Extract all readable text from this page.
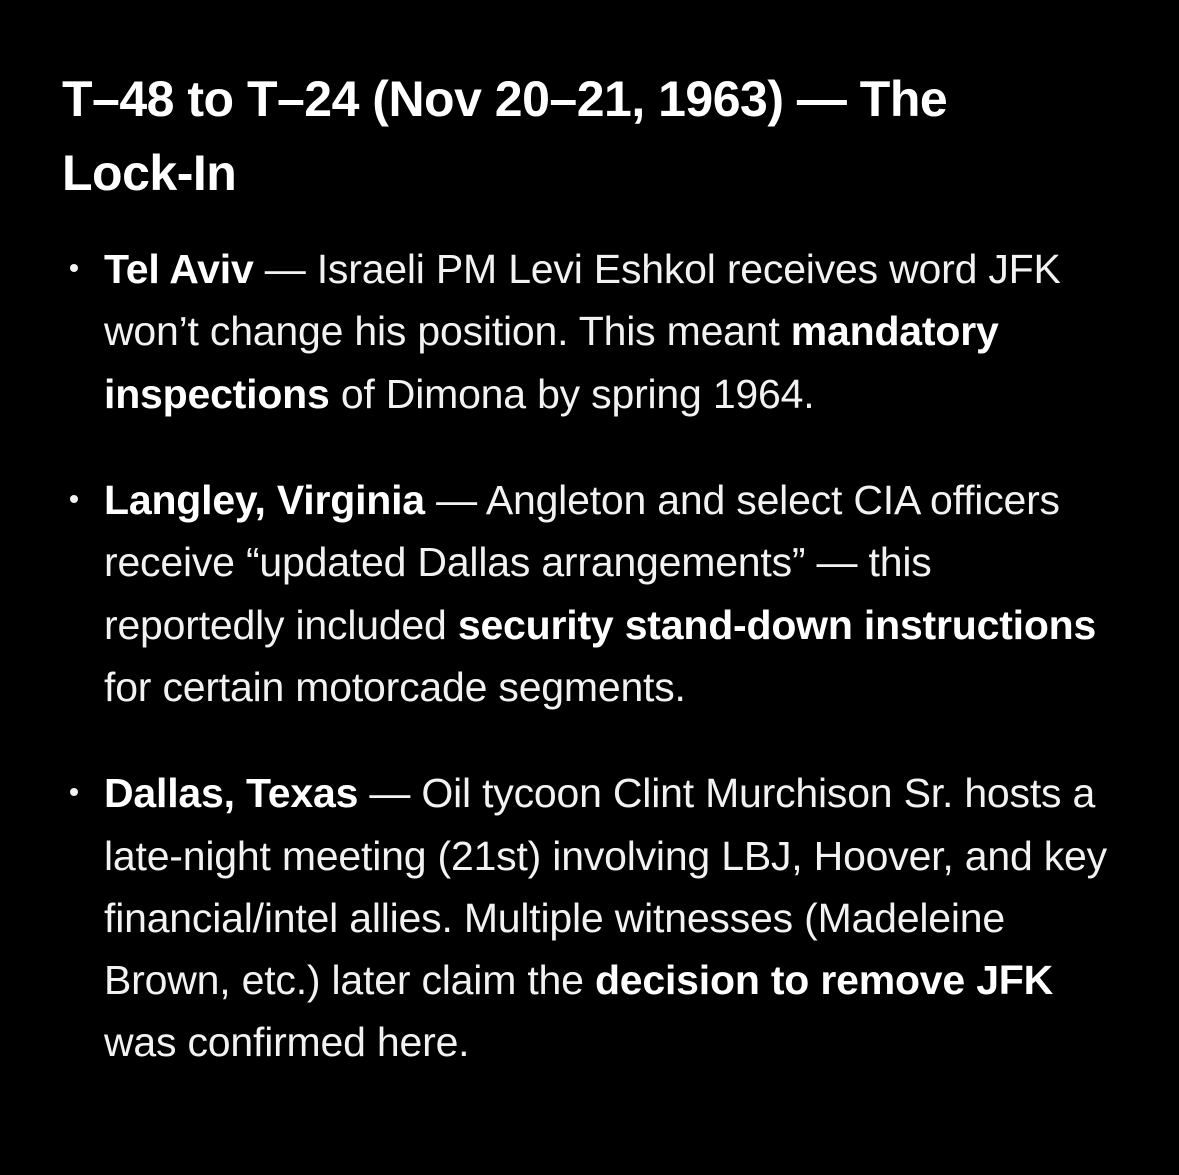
T–48 to T–24 (Nov 20–21, 1963) — The Lock-In
Tel Aviv — Israeli PM Levi Eshkol receives word JFK won’t change his position. This meant mandatory inspections of Dimona by spring 1964.
Langley, Virginia — Angleton and select CIA officers receive “updated Dallas arrangements” — this reportedly included security stand-down instructions for certain motorcade segments.
Dallas, Texas — Oil tycoon Clint Murchison Sr. hosts a late-night meeting (21st) involving LBJ, Hoover, and key financial/intel allies. Multiple witnesses (Madeleine Brown, etc.) later claim the decision to remove JFK was confirmed here.
